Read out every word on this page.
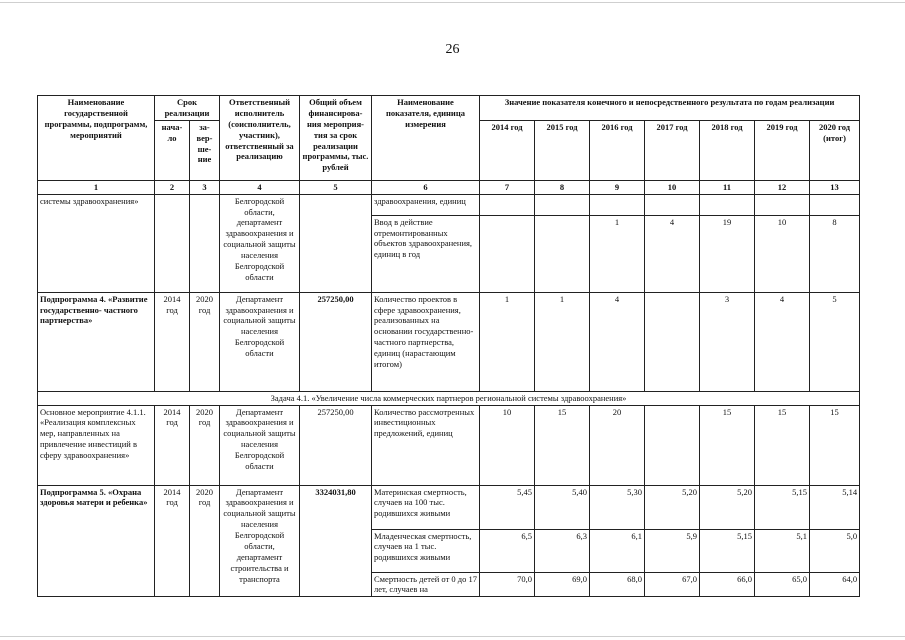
26
Наименование государственной программы, подпрограмм, мероприятий	Срок реализации		Ответственный исполнитель (соисполнитель, участник), ответственный за реализацию	Общий объем финансирова- ния мероприя- тия за срок реализации программы, тыс. рублей	Наименование показателя, единица измерения	Значение показателя конечного и непосредственного результата по годам реализации						
	нача- ло	за- вер- ше- ние				2014 год	2015 год	2016 год	2017 год	2018 год	2019 год	2020 год (итог)
1	2	3	4	5	6	7	8	9	10	11	12	13
системы здравоохранения»			Белгородской области, департамент здравоохранения и социальной защиты населения Белгородской области		здравоохранения, единиц							
					Ввод в действие отремонтированных объектов здравоохранения, единиц в год			1	4	19	10	8
Подпрограмма 4. «Развитие государственно- частного партнерства»	2014 год	2020 год	Департамент здравоохранения и социальной защиты населения Белгородской области	257250,00	Количество проектов в сфере здравоохранения, реализованных на основании государственно- частного партнерства, единиц (нарастающим итогом)	1	1	4		3	4	5
Задача 4.1. «Увеличение числа коммерческих партнеров региональной системы здравоохранения»												
Основное мероприятие 4.1.1. «Реализация комплексных мер, направленных на привлечение инвестиций в сферу здравоохранения»	2014 год	2020 год	Департамент здравоохранения и социальной защиты населения Белгородской области	257250,00	Количество рассмотренных инвестиционных предложений, единиц	10	15	20		15	15	15
Подпрограмма 5. «Охрана здоровья матери и ребенка»	2014 год	2020 год	Департамент здравоохранения и социальной защиты населения Белгородской области, департамент строительства и транспорта	3324031,80	Материнская смертность, случаев на 100 тыс. родившихся живыми	5,45	5,40	5,30	5,20	5,20	5,15	5,14
					Младенческая смертность, случаев на 1 тыс. родившихся живыми	6,5	6,3	6,1	5,9	5,15	5,1	5,0
					Смертность детей от 0 до 17 лет, случаев на	70,0	69,0	68,0	67,0	66,0	65,0	64,0
